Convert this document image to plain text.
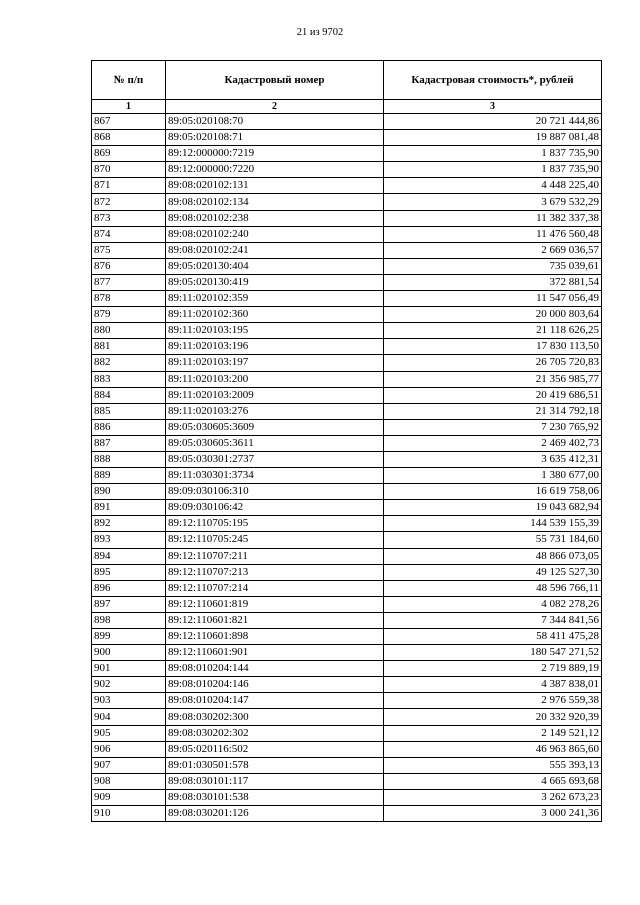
21 из 9702
№ п/п	Кадастровый номер	Кадастровая стоимость*, рублей
1	2	3
867	89:05:020108:70	20 721 444,86
868	89:05:020108:71	19 887 081,48
869	89:12:000000:7219	1 837 735,90
870	89:12:000000:7220	1 837 735,90
871	89:08:020102:131	4 448 225,40
872	89:08:020102:134	3 679 532,29
873	89:08:020102:238	11 382 337,38
874	89:08:020102:240	11 476 560,48
875	89:08:020102:241	2 669 036,57
876	89:05:020130:404	735 039,61
877	89:05:020130:419	372 881,54
878	89:11:020102:359	11 547 056,49
879	89:11:020102:360	20 000 803,64
880	89:11:020103:195	21 118 626,25
881	89:11:020103:196	17 830 113,50
882	89:11:020103:197	26 705 720,83
883	89:11:020103:200	21 356 985,77
884	89:11:020103:2009	20 419 686,51
885	89:11:020103:276	21 314 792,18
886	89:05:030605:3609	7 230 765,92
887	89:05:030605:3611	2 469 402,73
888	89:05:030301:2737	3 635 412,31
889	89:11:030301:3734	1 380 677,00
890	89:09:030106:310	16 619 758,06
891	89:09:030106:42	19 043 682,94
892	89:12:110705:195	144 539 155,39
893	89:12:110705:245	55 731 184,60
894	89:12:110707:211	48 866 073,05
895	89:12:110707:213	49 125 527,30
896	89:12:110707:214	48 596 766,11
897	89:12:110601:819	4 082 278,26
898	89:12:110601:821	7 344 841,56
899	89:12:110601:898	58 411 475,28
900	89:12:110601:901	180 547 271,52
901	89:08:010204:144	2 719 889,19
902	89:08:010204:146	4 387 838,01
903	89:08:010204:147	2 976 559,38
904	89:08:030202:300	20 332 920,39
905	89:08:030202:302	2 149 521,12
906	89:05:020116:502	46 963 865,60
907	89:01:030501:578	555 393,13
908	89:08:030101:117	4 665 693,68
909	89:08:030101:538	3 262 673,23
910	89:08:030201:126	3 000 241,36
